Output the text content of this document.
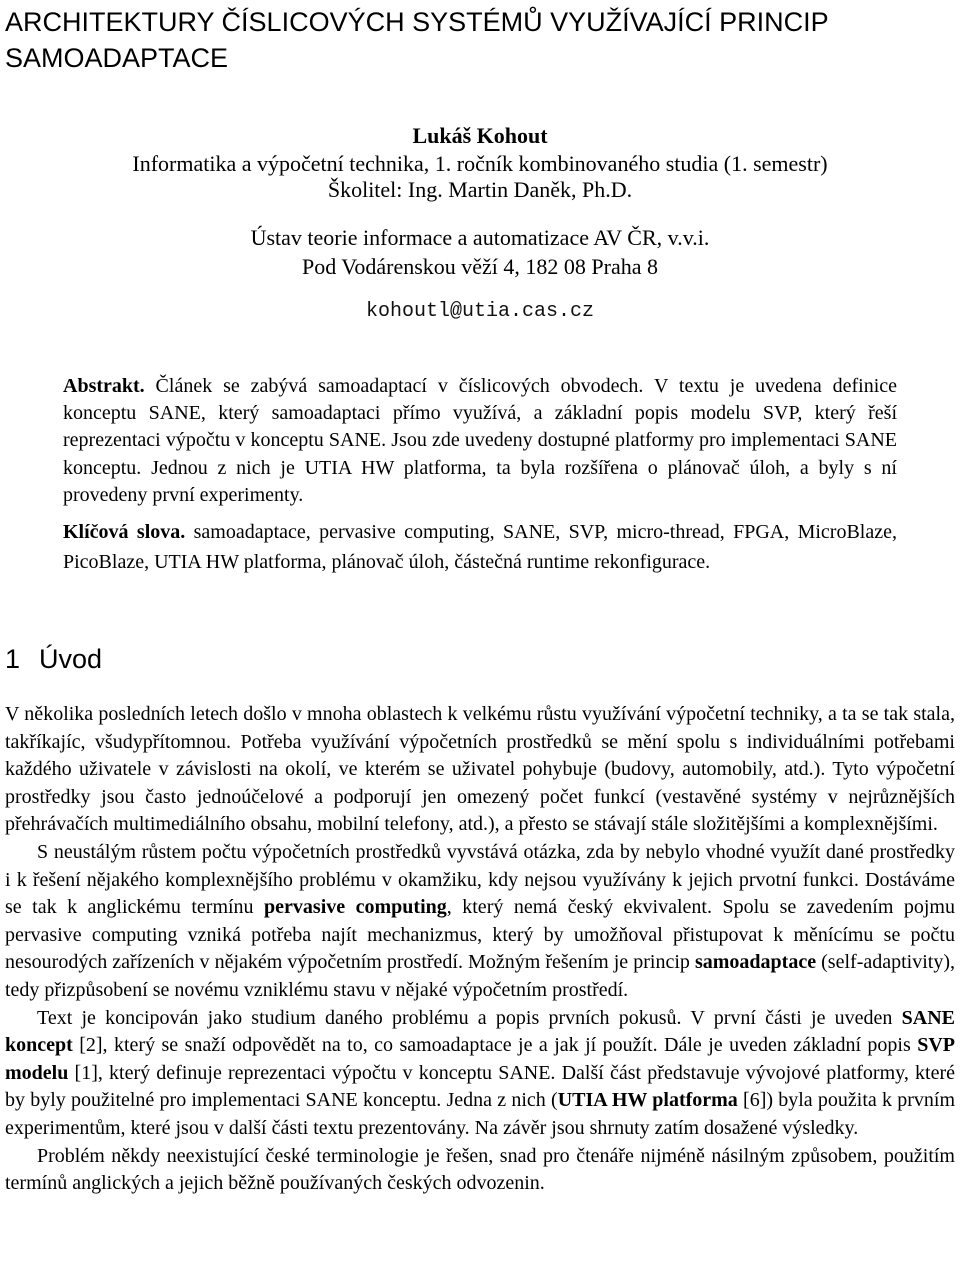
ARCHITEKTURY ČÍSLICOVÝCH SYSTÉMŮ VYUŽÍVAJÍCÍ PRINCIP SAMOADAPTACE

Lukáš Kohout

Informatika a výpočetní technika, 1. ročník kombinovaného studia (1. semestr)

Školitel: Ing. Martin Daněk, Ph.D.

Ústav teorie informace a automatizace AV ČR, v.v.i.

Pod Vodárenskou věží 4, 182 08 Praha 8

kohoutl@utia.cas.cz

Abstrakt. Článek se zabývá samoadaptací v číslicových obvodech. V textu je uvedena definice konceptu SANE, který samoadaptaci přímo využívá, a základní popis modelu SVP, který řeší reprezentaci výpočtu v konceptu SANE. Jsou zde uvedeny dostupné platformy pro implementaci SANE konceptu. Jednou z nich je UTIA HW platforma, ta byla rozšířena o plánovač úloh, a byly s ní provedeny první experimenty.

Klíčová slova. samoadaptace, pervasive computing, SANE, SVP, micro-thread, FPGA, MicroBlaze, PicoBlaze, UTIA HW platforma, plánovač úloh, částečná runtime rekonfigurace.

1 Úvod

V několika posledních letech došlo v mnoha oblastech k velkému růstu využívání výpočetní techniky, a ta se tak stala, takříkajíc, všudypřítomnou. Potřeba využívání výpočetních prostředků se mění spolu s individuálními potřebami každého uživatele v závislosti na okolí, ve kterém se uživatel pohybuje (budovy, automobily, atd.). Tyto výpočetní prostředky jsou často jednoúčelové a podporují jen omezený počet funkcí (vestavěné systémy v nejrůznějších přehrávačích multimediálního obsahu, mobilní telefony, atd.), a přesto se stávají stále složitějšími a komplexnějšími.

S neustálým růstem počtu výpočetních prostředků vyvstává otázka, zda by nebylo vhodné využít dané prostředky i k řešení nějakého komplexnějšího problému v okamžiku, kdy nejsou využívány k jejich prvotní funkci. Dostáváme se tak k anglickému termínu pervasive computing, který nemá český ekvivalent. Spolu se zavedením pojmu pervasive computing vzniká potřeba najít mechanizmus, který by umožňoval přistupovat k měnícímu se počtu nesourodých zařízeních v nějakém výpočetním prostředí. Možným řešením je princip samoadaptace (self-adaptivity), tedy přizpůsobení se novému vzniklému stavu v nějaké výpočetním prostředí.

Text je koncipován jako studium daného problému a popis prvních pokusů. V první části je uveden SANE koncept [2], který se snaží odpovědět na to, co samoadaptace je a jak jí použít. Dále je uveden základní popis SVP modelu [1], který definuje reprezentaci výpočtu v konceptu SANE. Další část představuje vývojové platformy, které by byly použitelné pro implementaci SANE konceptu. Jedna z nich (UTIA HW platforma [6]) byla použita k prvním experimentům, které jsou v další části textu prezentovány. Na závěr jsou shrnuty zatím dosažené výsledky.

Problém někdy neexistující české terminologie je řešen, snad pro čtenáře nijméně násilným způsobem, použitím termínů anglických a jejich běžně používaných českých odvozenin.
